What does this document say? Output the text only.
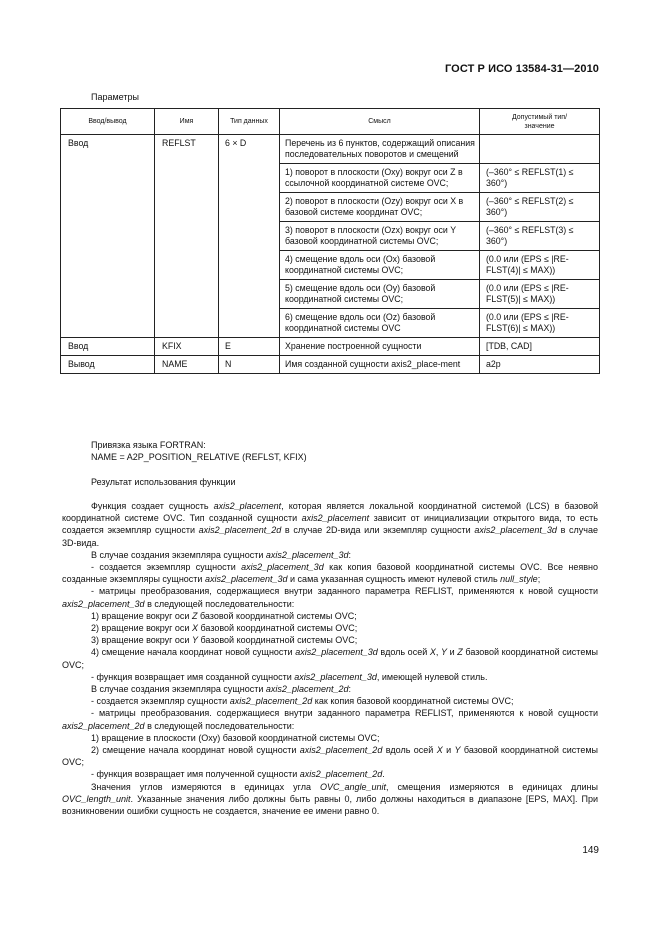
ГОСТ Р ИСО 13584-31—2010
Параметры
Ввод/вывод	Имя	Тип данных	Смысл	Допустимый тип/
значение
Ввод	REFLST	6 × D	Перечень из 6 пунктов, содержащий описания последовательных поворотов и смещений	
			1) поворот в плоскости (Оху) вокруг оси Z в ссылочной координатной системе OVC;	(–360° ≤ REFLST(1) ≤ 360°)
			2) поворот в плоскости (Ozy) вокруг оси X в базовой системе координат OVC;	(–360° ≤ REFLST(2) ≤ 360°)
			3) поворот в плоскости (Ozx) вокруг оси Y базовой координатной системы OVC;	(–360° ≤ REFLST(3) ≤ 360°)
			4) смещение вдоль оси (Ох) базовой координатной системы OVC;	(0.0 или (EPS ≤ |RE-FLST(4)| ≤ MAX))
			5) смещение вдоль оси (Оу) базовой координатной системы OVC;	(0.0 или (EPS ≤ |RE-FLST(5)| ≤ MAX))
			6) смещение вдоль оси (Oz) базовой координатной системы OVC	(0.0 или (EPS ≤ |RE-FLST(6)| ≤ MAX))
Ввод	KFIX	E	Хранение построенной сущности	[TDB, CAD]
Вывод	NAME	N	Имя созданной сущности axis2_place-ment	a2p
Привязка языка FORTRAN:
NAME = A2P_POSITION_RELATIVE (REFLST, KFIX)
Результат использования функции

Функция создает сущность axis2_placement, которая является локальной координатной системой (LCS) в базовой координатной системе OVC. Тип созданной сущности axis2_placement зависит от инициализации открытого вида, то есть создается экземпляр сущности axis2_placement_2d в случае 2D-вида или экземпляр сущности axis2_placement_3d в случае 3D-вида.

В случае создания экземпляра сущности axis2_placement_3d:

- создается экземпляр сущности axis2_placement_3d как копия базовой координатной системы OVC. Все неявно созданные экземпляры сущности axis2_placement_3d и сама указанная сущность имеют нулевой стиль null_style;

- матрицы преобразования, содержащиеся внутри заданного параметра REFLIST, применяются к новой сущности axis2_placement_3d в следующей последовательности:

1) вращение вокруг оси Z базовой координатной системы OVC;

2) вращение вокруг оси X базовой координатной системы OVC;

3) вращение вокруг оси Y базовой координатной системы OVC;

4) смещение начала координат новой сущности axis2_placement_3d вдоль осей X, Y и Z базовой координатной системы OVC;

- функция возвращает имя созданной сущности axis2_placement_3d, имеющей нулевой стиль.

В случае создания экземпляра сущности axis2_placement_2d:

- создается экземпляр сущности axis2_placement_2d как копия базовой координатной системы OVC;

- матрицы преобразования. содержащиеся внутри заданного параметра REFLIST, применяются к новой сущности axis2_placement_2d в следующей последовательности:

1) вращение в плоскости (Оху) базовой координатной системы OVC;

2) смещение начала координат новой сущности axis2_placement_2d вдоль осей X и Y базовой координатной системы OVC;

- функция возвращает имя полученной сущности axis2_placement_2d.

Значения углов измеряются в единицах угла OVC_angle_unit, смещения измеряются в единицах длины OVC_length_unit. Указанные значения либо должны быть равны 0, либо должны находиться в диапазоне [EPS, MAX]. При возникновении ошибки сущность не создается, значение ее имени равно 0.

149
